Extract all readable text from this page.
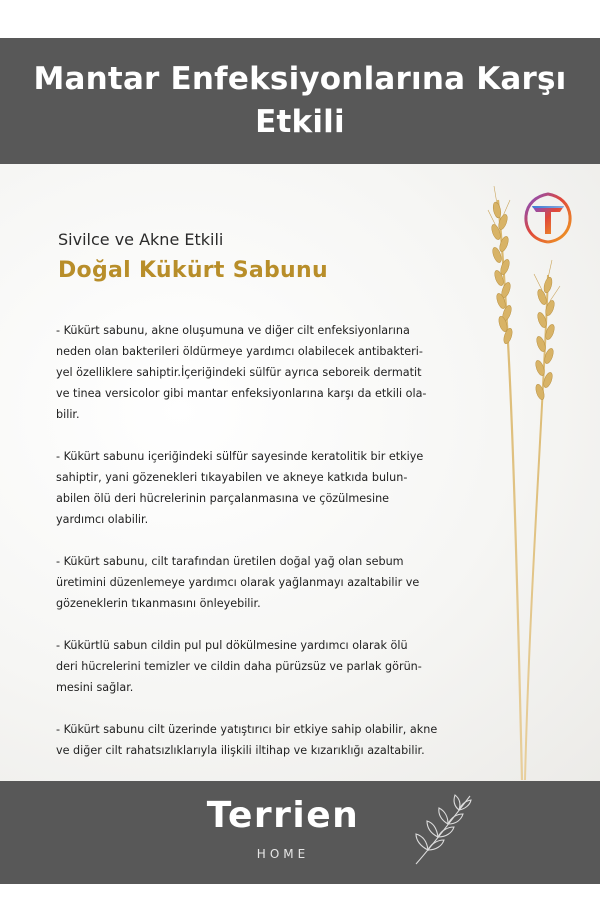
Mantar Enfeksiyonlarına Karşı Etkili
Sivilce ve Akne Etkili
Doğal Kükürt Sabunu
- Kükürt sabunu, akne oluşumuna ve diğer cilt enfeksiyonlarına
neden olan bakterileri öldürmeye yardımcı olabilecek antibakteri-
yel özelliklere sahiptir.İçeriğindeki sülfür ayrıca seboreik dermatit
ve tinea versicolor gibi mantar enfeksiyonlarına karşı da etkili ola-
bilir.
- Kükürt sabunu içeriğindeki sülfür sayesinde keratolitik bir etkiye
sahiptir, yani gözenekleri tıkayabilen ve akneye katkıda bulun-
abilen ölü deri hücrelerinin parçalanmasına ve çözülmesine
yardımcı olabilir.
- Kükürt sabunu, cilt tarafından üretilen doğal yağ olan sebum
üretimini düzenlemeye yardımcı olarak yağlanmayı azaltabilir ve
gözeneklerin tıkanmasını önleyebilir.
- Kükürtlü sabun cildin pul pul dökülmesine yardımcı olarak ölü
deri hücrelerini temizler ve cildin daha pürüzsüz ve parlak görün-
mesini sağlar.
- Kükürt sabunu cilt üzerinde yatıştırıcı bir etkiye sahip olabilir, akne
ve diğer cilt rahatsızlıklarıyla ilişkili iltihap ve kızarıklığı azaltabilir.
Terrien
HOME
